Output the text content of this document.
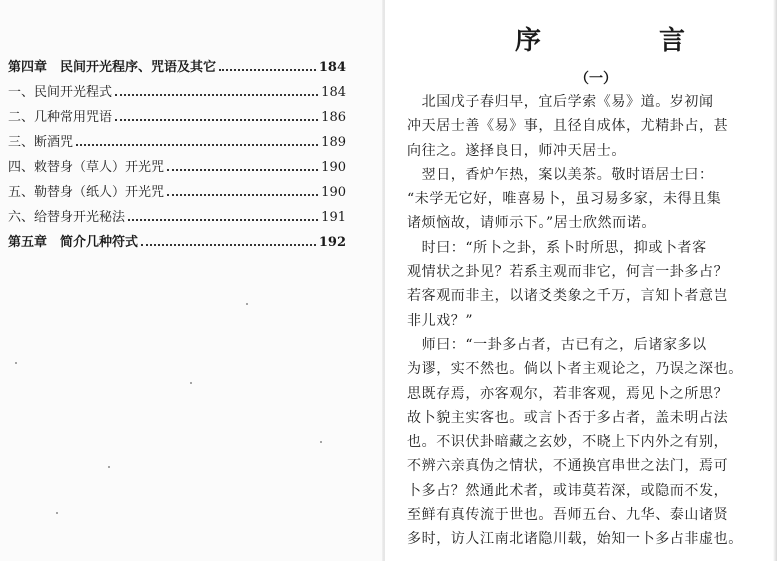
第四章　民间开光程序、咒语及其它	184
一、民间开光程式	184
二、几种常用咒语	186
三、断酒咒	189
四、敕替身（草人）开光咒	190
五、勒替身（纸人）开光咒	190
六、给替身开光秘法	191
第五章　简介几种符式	192
序	言
（一）
　北国戊子春归早，宜后学索《易》道。岁初闻
冲天居士善《易》事，且径自成体，尤精卦占，甚
向往之。遂择良日，师冲天居士。
　翌日，香炉乍热，案以美茶。敬时语居士曰：
“未学无它好，唯喜易卜，虽习易多家，未得且集
诸烦恼故，请师示下。”居士欣然而诺。
　时曰：“所卜之卦，系卜时所思，抑或卜者客
观情状之卦见？若系主观而非它，何言一卦多占？
若客观而非主，以诸爻类象之千万，言知卜者意岂
非儿戏？”
　师曰：“一卦多占者，古已有之，后诸家多以
为谬，实不然也。倘以卜者主观论之，乃误之深也。
思既存焉，亦客观尔，若非客观，焉见卜之所思？
故卜貌主实客也。或言卜否于多占者，盖未明占法
也。不识伏卦暗藏之玄妙，不晓上下内外之有别，
不辨六亲真伪之情状，不通换宫串世之法门，焉可
卜多占？然通此术者，或讳莫若深，或隐而不发，
至鲜有真传流于世也。吾师五台、九华、泰山诸贤
多时，访人江南北诸隐川载，始知一卜多占非虚也。
